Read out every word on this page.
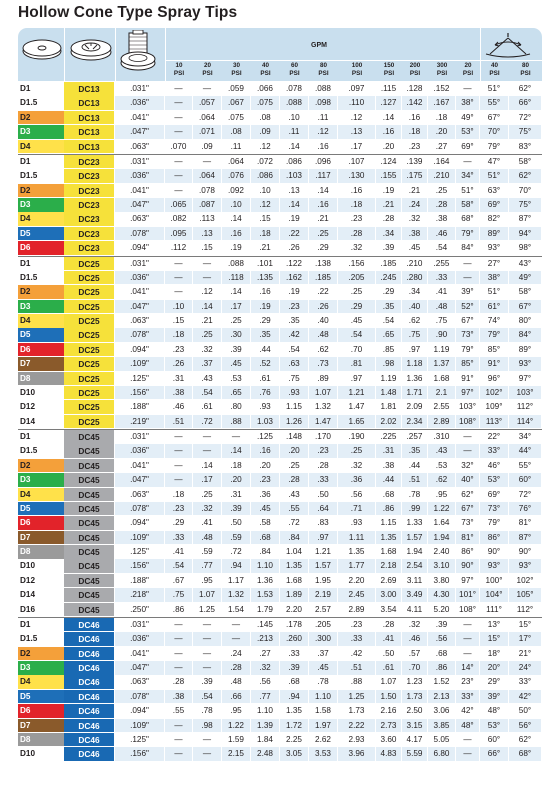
Hollow Cone Type Spray Tips
GPM
10
PSI
20
PSI
30
PSI
40
PSI
60
PSI
80
PSI
100
PSI
150
PSI
200
PSI
300
PSI
20
PSI
40
PSI
80
PSI
D1	DC13	.031"	—	—	.059	.066	.078	.088	.097	.115	.128	.152	—	51°	62°
D1.5	DC13	.036"	—	.057	.067	.075	.088	.098	.110	.127	.142	.167	38°	55°	66°
D2	DC13	.041"	—	.064	.075	.08	.10	.11	.12	.14	.16	.18	49°	67°	72°
D3	DC13	.047"	—	.071	.08	.09	.11	.12	.13	.16	.18	.20	53°	70°	75°
D4	DC13	.063"	.070	.09	.11	.12	.14	.16	.17	.20	.23	.27	69°	79°	83°
D1	DC23	.031"	—	—	.064	.072	.086	.096	.107	.124	.139	.164	—	47°	58°
D1.5	DC23	.036"	—	.064	.076	.086	.103	.117	.130	.155	.175	.210	34°	51°	62°
D2	DC23	.041"	—	.078	.092	.10	.13	.14	.16	.19	.21	.25	51°	63°	70°
D3	DC23	.047"	.065	.087	.10	.12	.14	.16	.18	.21	.24	.28	58°	69°	75°
D4	DC23	.063"	.082	.113	.14	.15	.19	.21	.23	.28	.32	.38	68°	82°	87°
D5	DC23	.078"	.095	.13	.16	.18	.22	.25	.28	.34	.38	.46	79°	89°	94°
D6	DC23	.094"	.112	.15	.19	.21	.26	.29	.32	.39	.45	.54	84°	93°	98°
D1	DC25	.031"	—	—	.088	.101	.122	.138	.156	.185	.210	.255	—	27°	43°
D1.5	DC25	.036"	—	—	.118	.135	.162	.185	.205	.245	.280	.33	—	38°	49°
D2	DC25	.041"	—	.12	.14	.16	.19	.22	.25	.29	.34	.41	39°	51°	58°
D3	DC25	.047"	.10	.14	.17	.19	.23	.26	.29	.35	.40	.48	52°	61°	67°
D4	DC25	.063"	.15	.21	.25	.29	.35	.40	.45	.54	.62	.75	67°	74°	80°
D5	DC25	.078"	.18	.25	.30	.35	.42	.48	.54	.65	.75	.90	73°	79°	84°
D6	DC25	.094"	.23	.32	.39	.44	.54	.62	.70	.85	.97	1.19	79°	85°	89°
D7	DC25	.109"	.26	.37	.45	.52	.63	.73	.81	.98	1.18	1.37	85°	91°	93°
D8	DC25	.125"	.31	.43	.53	.61	.75	.89	.97	1.19	1.36	1.68	91°	96°	97°
D10	DC25	.156"	.38	.54	.65	.76	.93	1.07	1.21	1.48	1.71	2.1	97°	102°	103°
D12	DC25	.188"	.46	.61	.80	.93	1.15	1.32	1.47	1.81	2.09	2.55	103°	109°	112°
D14	DC25	.219"	.51	.72	.88	1.03	1.26	1.47	1.65	2.02	2.34	2.89	108°	113°	114°
D1	DC45	.031"	—	—	—	.125	.148	.170	.190	.225	.257	.310	—	22°	34°
D1.5	DC45	.036"	—	—	.14	.16	.20	.23	.25	.31	.35	.43	—	33°	44°
D2	DC45	.041"	—	.14	.18	.20	.25	.28	.32	.38	.44	.53	32°	46°	55°
D3	DC45	.047"	—	.17	.20	.23	.28	.33	.36	.44	.51	.62	40°	53°	60°
D4	DC45	.063"	.18	.25	.31	.36	.43	.50	.56	.68	.78	.95	62°	69°	72°
D5	DC45	.078"	.23	.32	.39	.45	.55	.64	.71	.86	.99	1.22	67°	73°	76°
D6	DC45	.094"	.29	.41	.50	.58	.72	.83	.93	1.15	1.33	1.64	73°	79°	81°
D7	DC45	.109"	.33	.48	.59	.68	.84	.97	1.11	1.35	1.57	1.94	81°	86°	87°
D8	DC45	.125"	.41	.59	.72	.84	1.04	1.21	1.35	1.68	1.94	2.40	86°	90°	90°
D10	DC45	.156"	.54	.77	.94	1.10	1.35	1.57	1.77	2.18	2.54	3.10	90°	93°	93°
D12	DC45	.188"	.67	.95	1.17	1.36	1.68	1.95	2.20	2.69	3.11	3.80	97°	100°	102°
D14	DC45	.218"	.75	1.07	1.32	1.53	1.89	2.19	2.45	3.00	3.49	4.30	101°	104°	105°
D16	DC45	.250"	.86	1.25	1.54	1.79	2.20	2.57	2.89	3.54	4.11	5.20	108°	111°	112°
D1	DC46	.031"	—	—	—	.145	.178	.205	.23	.28	.32	.39	—	13°	15°
D1.5	DC46	.036"	—	—	—	.213	.260	.300	.33	.41	.46	.56	—	15°	17°
D2	DC46	.041"	—	—	.24	.27	.33	.37	.42	.50	.57	.68	—	18°	21°
D3	DC46	.047"	—	—	.28	.32	.39	.45	.51	.61	.70	.86	14°	20°	24°
D4	DC46	.063"	.28	.39	.48	.56	.68	.78	.88	1.07	1.23	1.52	23°	29°	33°
D5	DC46	.078"	.38	.54	.66	.77	.94	1.10	1.25	1.50	1.73	2.13	33°	39°	42°
D6	DC46	.094"	.55	.78	.95	1.10	1.35	1.58	1.73	2.16	2.50	3.06	42°	48°	50°
D7	DC46	.109"	—	.98	1.22	1.39	1.72	1.97	2.22	2.73	3.15	3.85	48°	53°	56°
D8	DC46	.125"	—	—	1.59	1.84	2.25	2.62	2.93	3.60	4.17	5.05	—	60°	62°
D10	DC46	.156"	—	—	2.15	2.48	3.05	3.53	3.96	4.83	5.59	6.80	—	66°	68°
